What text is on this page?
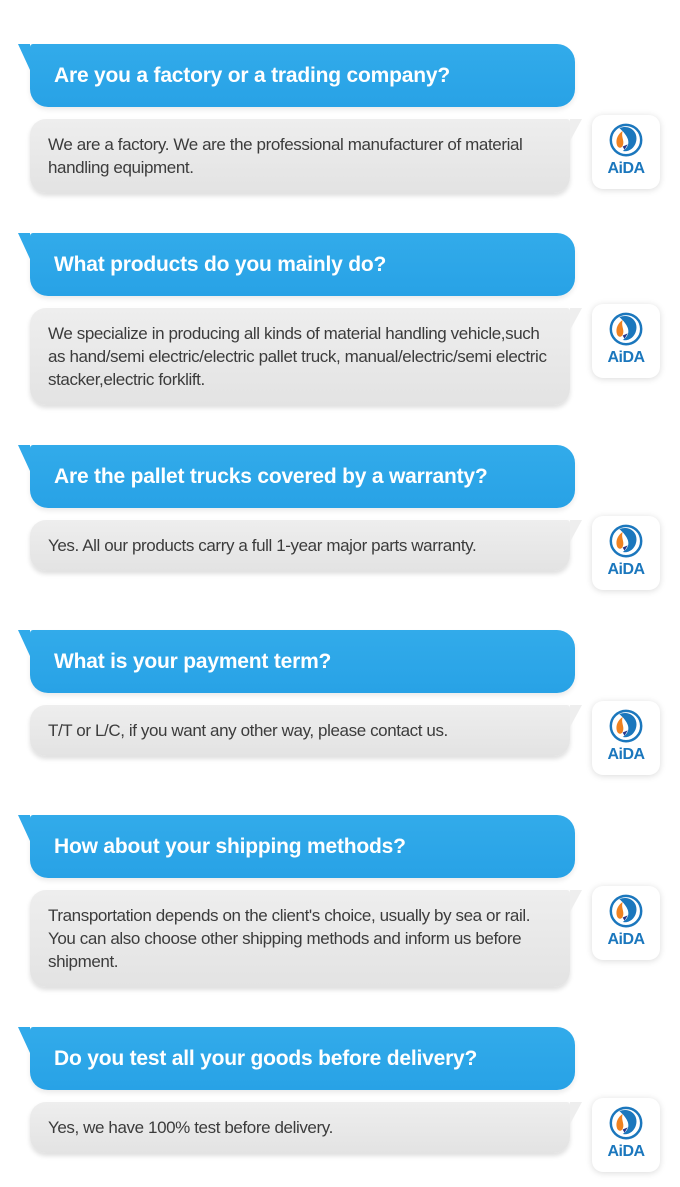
Are you a factory or a trading company?
We are a factory. We are the professional manufacturer of material handling equipment.	AiDA
What products do you mainly do?
We specialize in producing all kinds of material handling vehicle,such as hand/semi electric/electric pallet truck, manual/electric/semi electric stacker,electric forklift.
AiDA
Are the pallet trucks covered by a warranty?
Yes. All our products carry a full 1-year major parts warranty.
AiDA
What is your payment term?
T/T or L/C, if you want any other way, please contact us.
AiDA
How about your shipping methods?
Transportation depends on the client's choice, usually by sea or rail. You can also choose other shipping methods and inform us before shipment.
AiDA
Do you test all your goods before delivery?
Yes, we have 100% test before delivery.
AiDA
